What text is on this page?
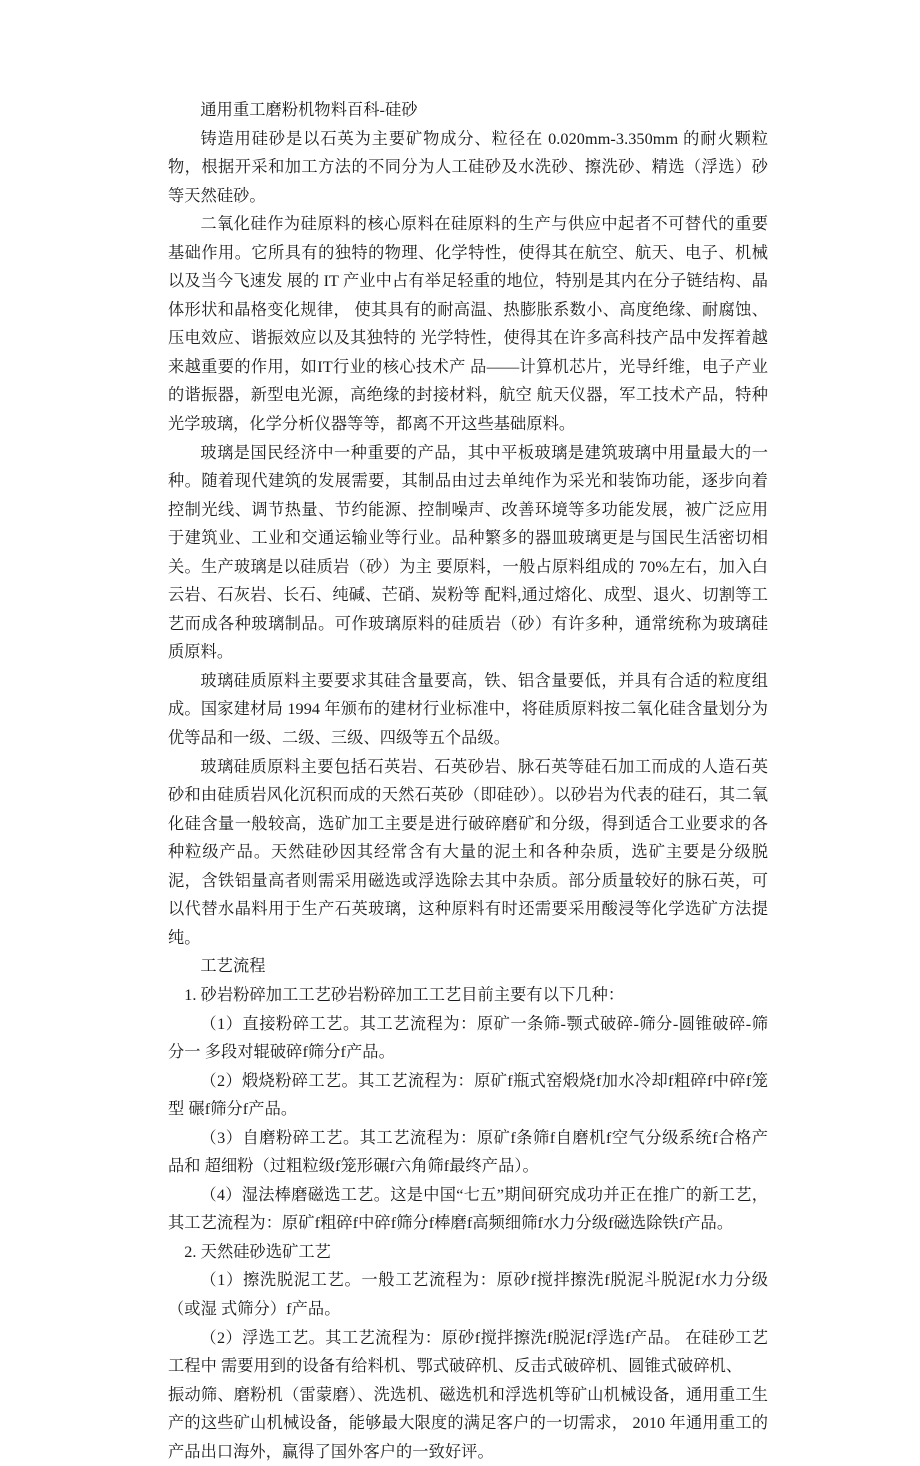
通用重工磨粉机物料百科-硅砂

铸造用硅砂是以石英为主要矿物成分、粒径在 0.020mm-3.350mm 的耐火颗粒物，根据开采和加工方法的不同分为人工硅砂及水洗砂、擦洗砂、精选（浮选）砂等天然硅砂。

二氧化硅作为硅原料的核心原料在硅原料的生产与供应中起者不可替代的重要基础作用。它所具有的独特的物理、化学特性，使得其在航空、航天、电子、机械以及当今飞速发 展的 IT 产业中占有举足轻重的地位，特别是其内在分子链结构、晶体形状和晶格变化规律， 使其具有的耐高温、热膨胀系数小、高度绝缘、耐腐蚀、压电效应、谐振效应以及其独特的 光学特性，使得其在许多高科技产品中发挥着越来越重要的作用，如IT行业的核心技术产 品——计算机芯片，光导纤维，电子产业的谐振器，新型电光源，高绝缘的封接材料，航空 航天仪器，军工技术产品，特种光学玻璃，化学分析仪器等等，都离不开这些基础原料。

玻璃是国民经济中一种重要的产品，其中平板玻璃是建筑玻璃中用量最大的一种。随着现代建筑的发展需要，其制品由过去单纯作为采光和装饰功能，逐步向着控制光线、调节热量、节约能源、控制噪声、改善环境等多功能发展，被广泛应用于建筑业、工业和交通运输业等行业。品种繁多的器皿玻璃更是与国民生活密切相关。生产玻璃是以硅质岩（砂）为主 要原料，一般占原料组成的 70%左右，加入白云岩、石灰岩、长石、纯碱、芒硝、炭粉等 配料,通过熔化、成型、退火、切割等工艺而成各种玻璃制品。可作玻璃原料的硅质岩（砂）有许多种，通常统称为玻璃硅质原料。

玻璃硅质原料主要要求其硅含量要高，铁、铝含量要低，并具有合适的粒度组成。国家建材局 1994 年颁布的建材行业标准中，将硅质原料按二氧化硅含量划分为优等品和一级、二级、三级、四级等五个品级。

玻璃硅质原料主要包括石英岩、石英砂岩、脉石英等硅石加工而成的人造石英砂和由硅质岩风化沉积而成的天然石英砂（即硅砂）。以砂岩为代表的硅石，其二氧化硅含量一般较高，选矿加工主要是进行破碎磨矿和分级，得到适合工业要求的各种粒级产品。天然硅砂因其经常含有大量的泥土和各种杂质，选矿主要是分级脱泥，含铁铝量高者则需采用磁选或浮选除去其中杂质。部分质量较好的脉石英，可以代替水晶料用于生产石英玻璃，这种原料有时还需要采用酸浸等化学选矿方法提纯。

工艺流程

1. 砂岩粉碎加工工艺砂岩粉碎加工工艺目前主要有以下几种：

（1）直接粉碎工艺。其工艺流程为：原矿一条筛-颚式破碎-筛分-圆锥破碎-筛分一 多段对辊破碎f筛分f产品。

（2）煅烧粉碎工艺。其工艺流程为：原矿f瓶式窑煅烧f加水冷却f粗碎f中碎f笼型 碾f筛分f产品。

（3）自磨粉碎工艺。其工艺流程为：原矿f条筛f自磨机f空气分级系统f合格产品和 超细粉（过粗粒级f笼形碾f六角筛f最终产品）。

（4）湿法棒磨磁选工艺。这是中国“七五”期间研究成功并正在推广的新工艺，其工艺流程为：原矿f粗碎f中碎f筛分f棒磨f高频细筛f水力分级f磁选除铁f产品。

2. 天然硅砂选矿工艺

（1）擦洗脱泥工艺。一般工艺流程为：原砂f搅拌擦洗f脱泥斗脱泥f水力分级（或湿 式筛分）f产品。

（2）浮选工艺。其工艺流程为：原砂f搅拌擦洗f脱泥f浮选f产品。 在硅砂工艺工程中 需要用到的设备有给料机、鄂式破碎机、反击式破碎机、圆锥式破碎机、

振动筛、磨粉机（雷蒙磨）、洗选机、磁选机和浮选机等矿山机械设备，通用重工生产的这些矿山机械设备，能够最大限度的满足客户的一切需求， 2010 年通用重工的产品出口海外，赢得了国外客户的一致好评。
